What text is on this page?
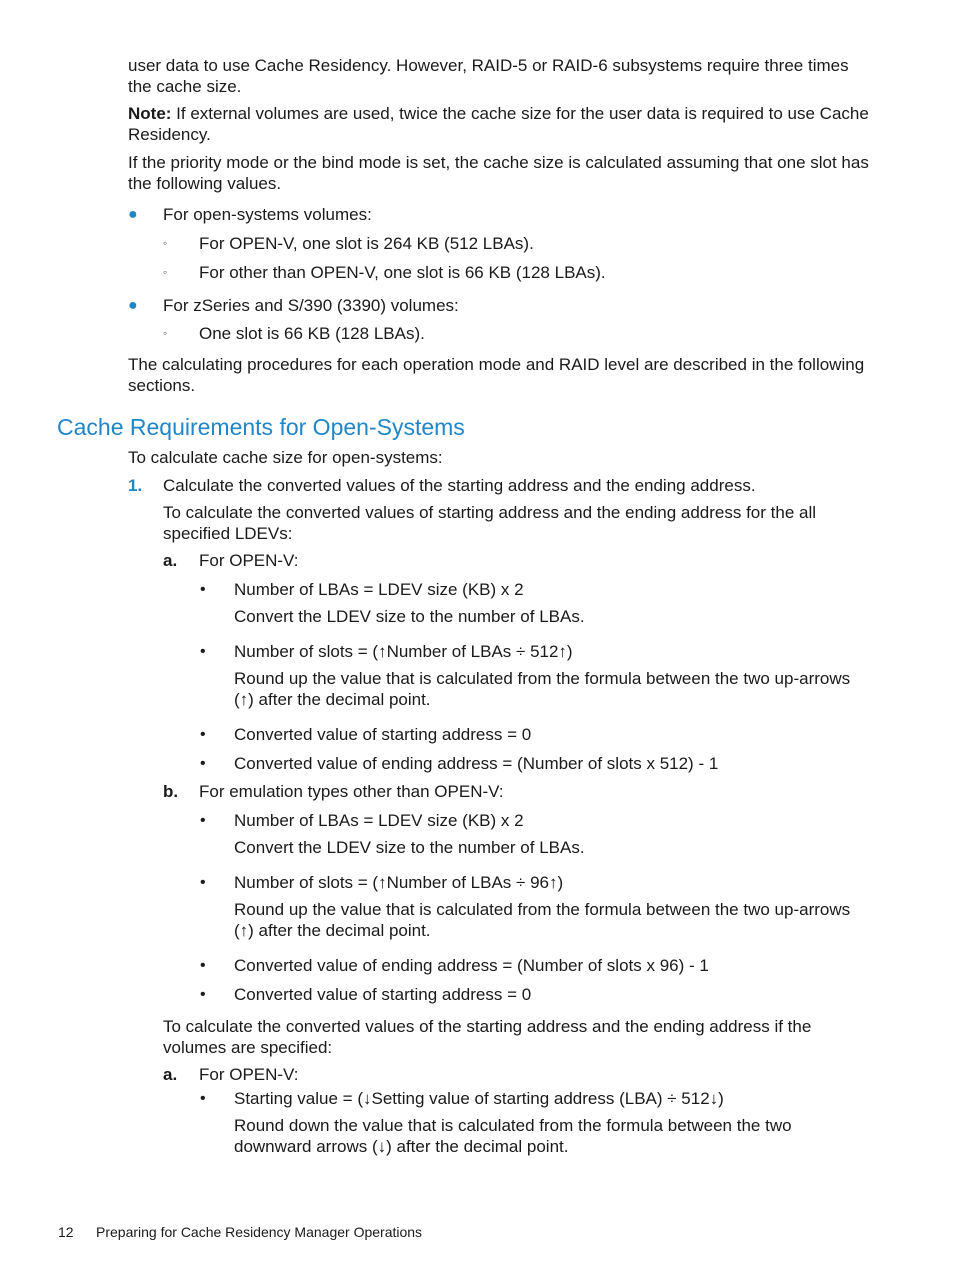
user data to use Cache Residency. However, RAID-5 or RAID-6 subsystems require three times the cache size.
Note: If external volumes are used, twice the cache size for the user data is required to use Cache Residency.
If the priority mode or the bind mode is set, the cache size is calculated assuming that one slot has the following values.
● For open-systems volumes:
◦ For OPEN-V, one slot is 264 KB (512 LBAs).
◦ For other than OPEN-V, one slot is 66 KB (128 LBAs).
● For zSeries and S/390 (3390) volumes:
◦ One slot is 66 KB (128 LBAs).
The calculating procedures for each operation mode and RAID level are described in the following sections.
Cache Requirements for Open-Systems
To calculate cache size for open-systems:
1. Calculate the converted values of the starting address and the ending address.
To calculate the converted values of starting address and the ending address for the all specified LDEVs:
a. For OPEN-V:
• Number of LBAs = LDEV size (KB) x 2
Convert the LDEV size to the number of LBAs.
• Number of slots = (↑Number of LBAs ÷ 512↑)
Round up the value that is calculated from the formula between the two up-arrows (↑) after the decimal point.
• Converted value of starting address = 0
• Converted value of ending address = (Number of slots x 512) - 1
b. For emulation types other than OPEN-V:
• Number of LBAs = LDEV size (KB) x 2
Convert the LDEV size to the number of LBAs.
• Number of slots = (↑Number of LBAs ÷ 96↑)
Round up the value that is calculated from the formula between the two up-arrows (↑) after the decimal point.
• Converted value of ending address = (Number of slots x 96) - 1
• Converted value of starting address = 0
To calculate the converted values of the starting address and the ending address if the volumes are specified:
a. For OPEN-V:
• Starting value = (↓Setting value of starting address (LBA) ÷ 512↓)
Round down the value that is calculated from the formula between the two downward arrows (↓) after the decimal point.
12 Preparing for Cache Residency Manager Operations
